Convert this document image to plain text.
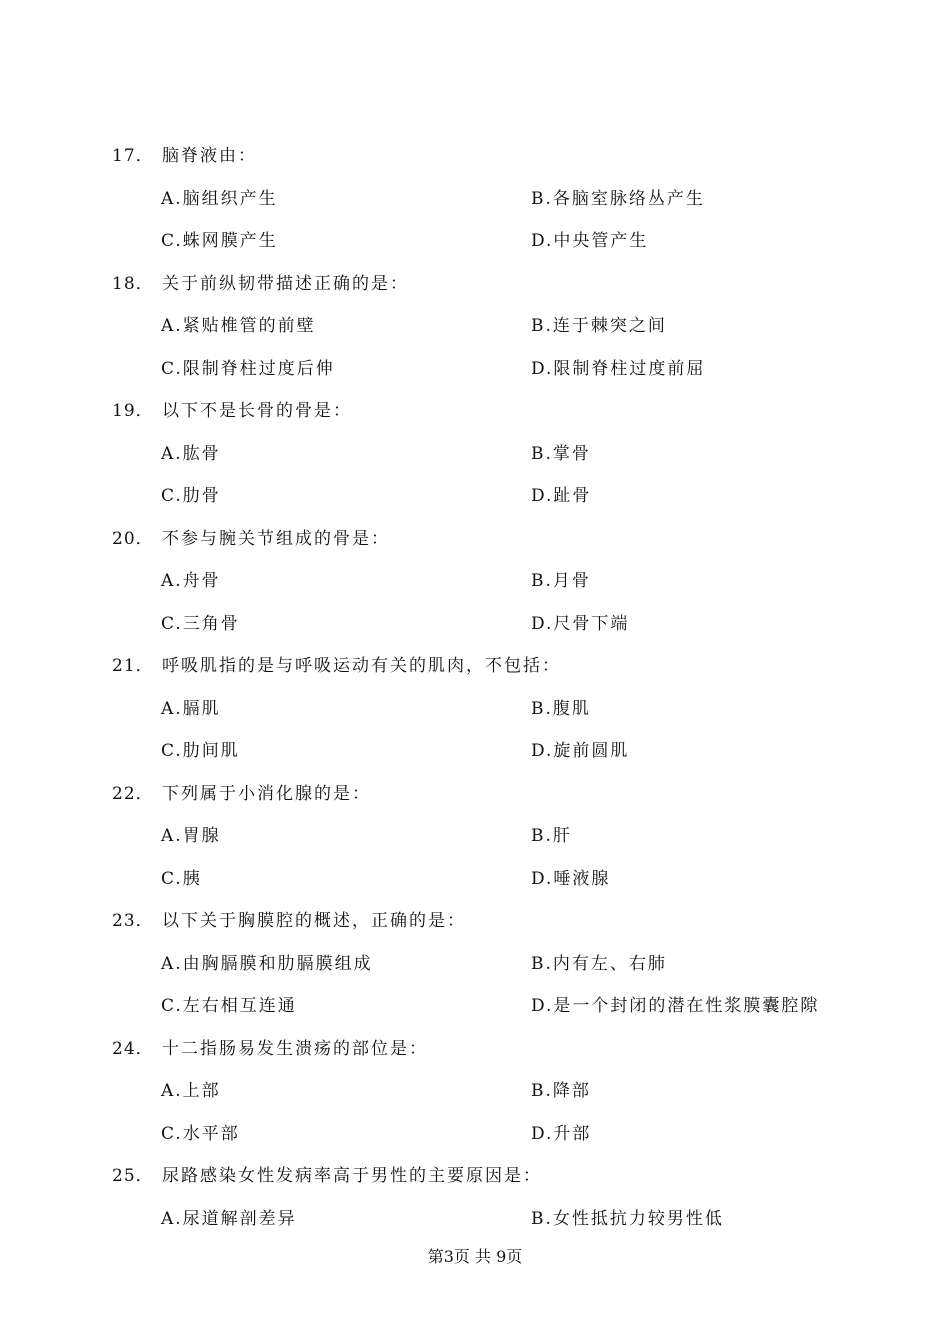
17． 脑脊液由：
A.脑组织产生	B.各脑室脉络丛产生
C.蛛网膜产生	D.中央管产生
18． 关于前纵韧带描述正确的是：
A.紧贴椎管的前壁	B.连于棘突之间
C.限制脊柱过度后伸	D.限制脊柱过度前屈
19． 以下不是长骨的骨是：
A.肱骨	B.掌骨
C.肋骨	D.趾骨
20． 不参与腕关节组成的骨是：
A.舟骨	B.月骨
C.三角骨	D.尺骨下端
21． 呼吸肌指的是与呼吸运动有关的肌肉，不包括：
A.膈肌	B.腹肌
C.肋间肌	D.旋前圆肌
22． 下列属于小消化腺的是：
A.胃腺	B.肝
C.胰	D.唾液腺
23． 以下关于胸膜腔的概述，正确的是：
A.由胸膈膜和肋膈膜组成	B.内有左、右肺
C.左右相互连通	D.是一个封闭的潜在性浆膜囊腔隙
24． 十二指肠易发生溃疡的部位是：
A.上部	B.降部
C.水平部	D.升部
25． 尿路感染女性发病率高于男性的主要原因是：
A.尿道解剖差异	B.女性抵抗力较男性低
第3页 共 9页
